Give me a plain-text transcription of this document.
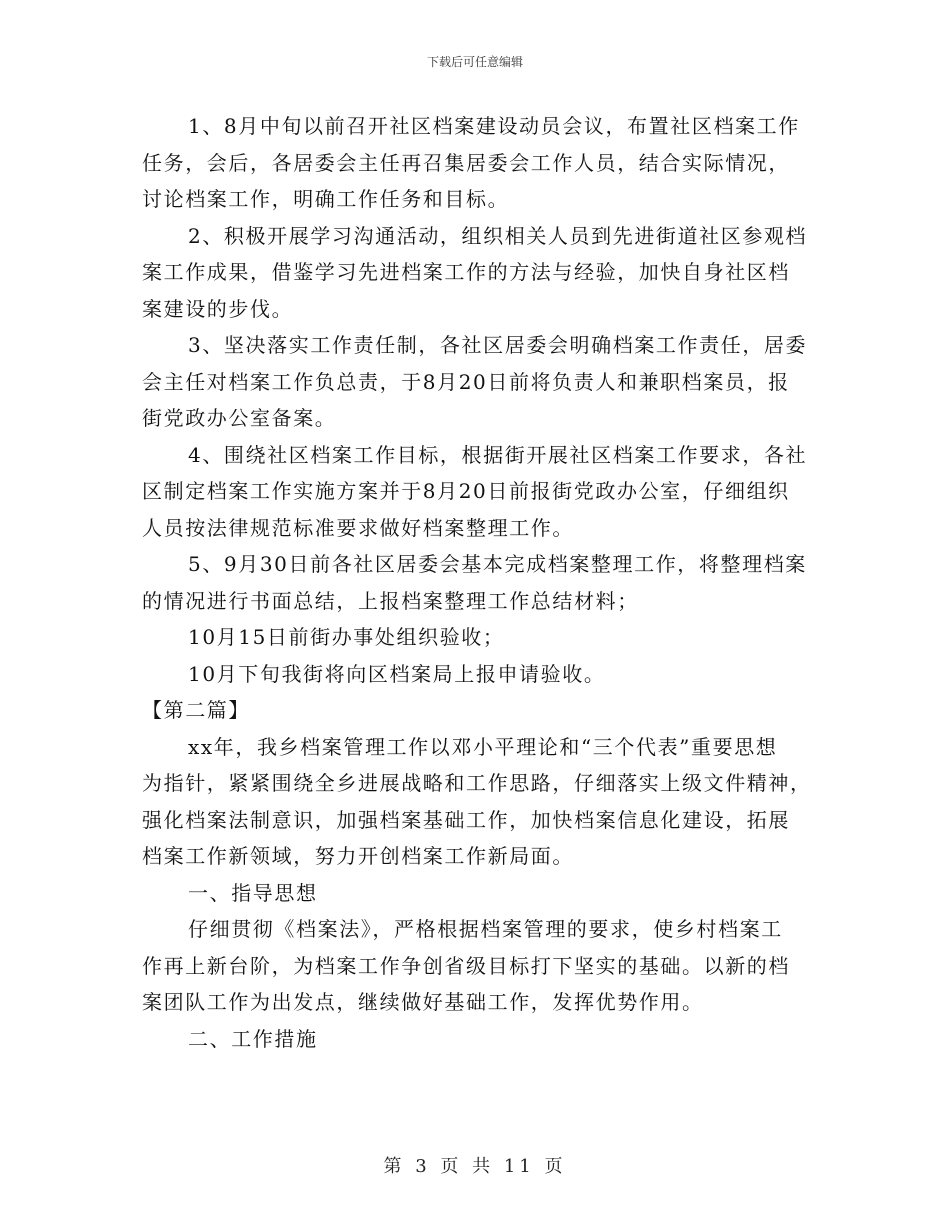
下载后可任意编辑
1、8月中旬以前召开社区档案建设动员会议，布置社区档案工作
任务，会后，各居委会主任再召集居委会工作人员，结合实际情况，
讨论档案工作，明确工作任务和目标。
2、积极开展学习沟通活动，组织相关人员到先进街道社区参观档
案工作成果，借鉴学习先进档案工作的方法与经验，加快自身社区档
案建设的步伐。
3、坚决落实工作责任制，各社区居委会明确档案工作责任，居委
会主任对档案工作负总责，于8月20日前将负责人和兼职档案员，报
街党政办公室备案。
4、围绕社区档案工作目标，根据街开展社区档案工作要求，各社
区制定档案工作实施方案并于8月20日前报街党政办公室，仔细组织
人员按法律规范标准要求做好档案整理工作。
5、9月30日前各社区居委会基本完成档案整理工作，将整理档案
的情况进行书面总结，上报档案整理工作总结材料；
10月15日前街办事处组织验收；
10月下旬我街将向区档案局上报申请验收。
【第二篇】
xx年，我乡档案管理工作以邓小平理论和“三个代表”重要思想
为指针，紧紧围绕全乡进展战略和工作思路，仔细落实上级文件精神，
强化档案法制意识，加强档案基础工作，加快档案信息化建设，拓展
档案工作新领域，努力开创档案工作新局面。
一、指导思想
仔细贯彻《档案法》，严格根据档案管理的要求，使乡村档案工
作再上新台阶，为档案工作争创省级目标打下坚实的基础。以新的档
案团队工作为出发点，继续做好基础工作，发挥优势作用。
二、工作措施
第 3 页 共 11 页
